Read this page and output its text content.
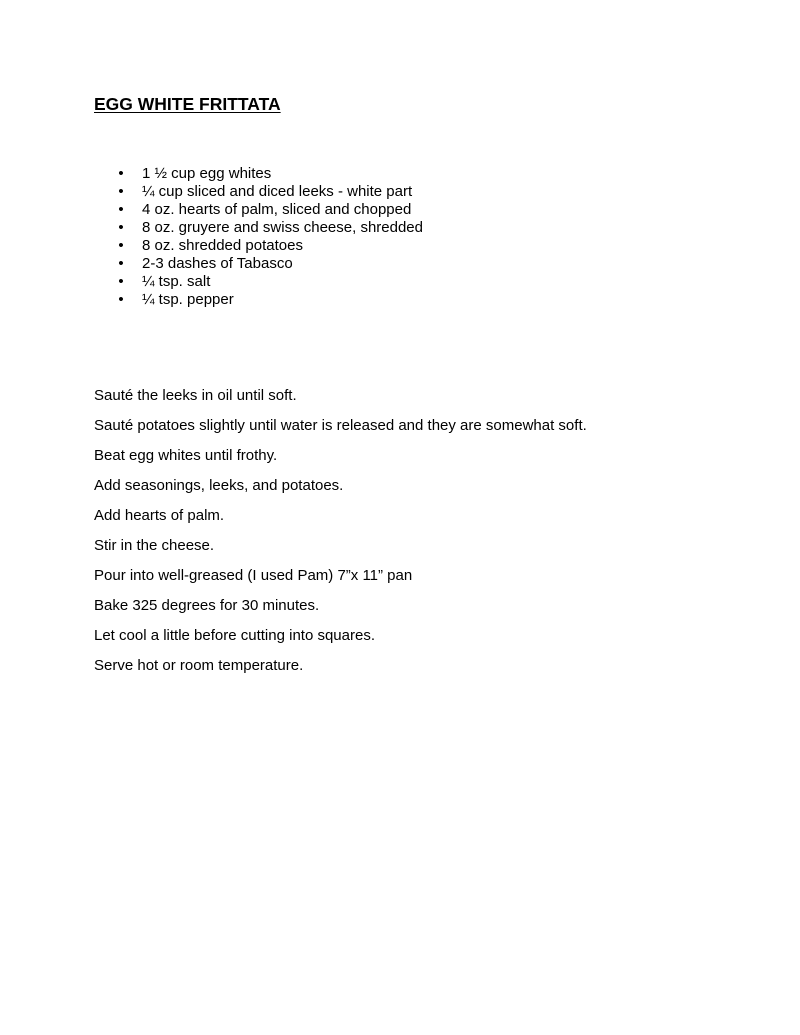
EGG WHITE FRITTATA
• 1 ½ cup egg whites
• ¼ cup sliced and diced leeks - white part
• 4 oz. hearts of palm, sliced and chopped
• 8 oz. gruyere and swiss cheese, shredded
• 8 oz. shredded potatoes
• 2-3 dashes of Tabasco
• ¼ tsp. salt
• ¼ tsp. pepper

Sauté the leeks in oil until soft.

Sauté potatoes slightly until water is released and they are somewhat soft.

Beat egg whites until frothy.

Add seasonings, leeks, and potatoes.

Add hearts of palm.

Stir in the cheese.

Pour into well-greased (I used Pam) 7”x 11” pan

Bake 325 degrees for 30 minutes.

Let cool a little before cutting into squares.

Serve hot or room temperature.
